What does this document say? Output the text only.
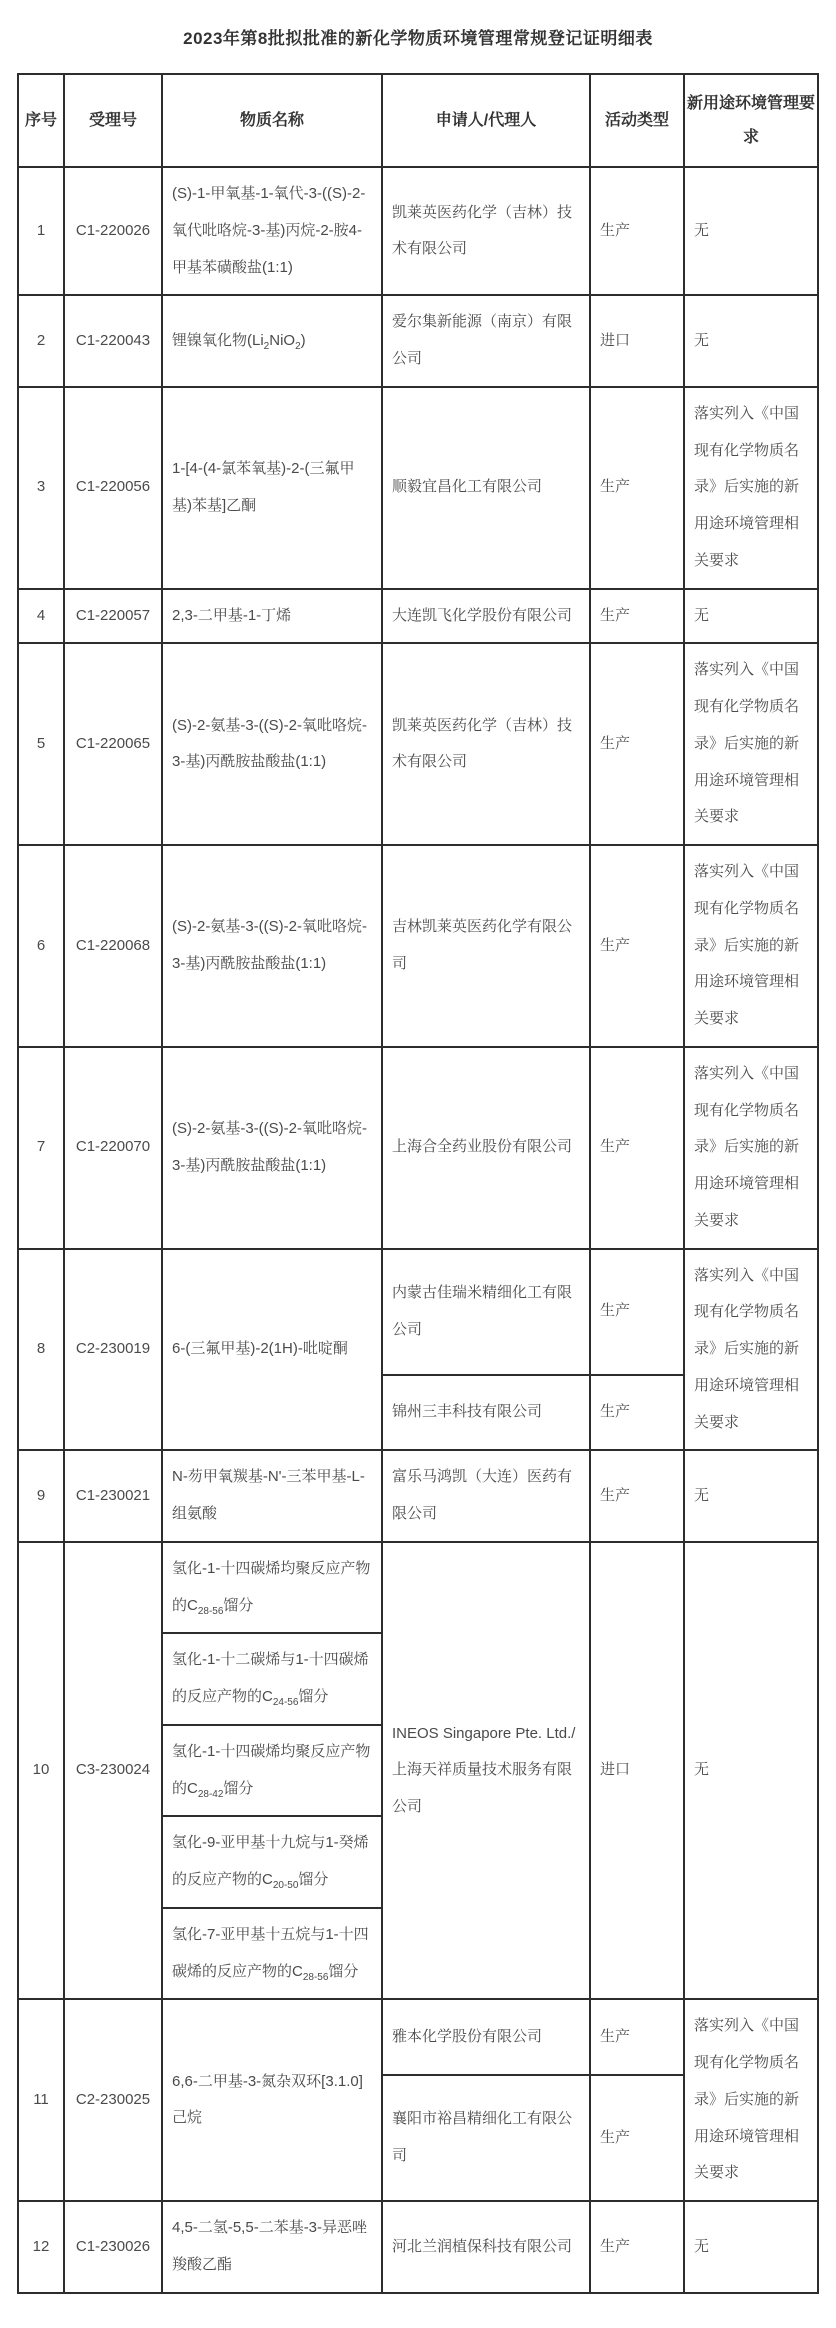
2023年第8批拟批准的新化学物质环境管理常规登记证明细表
序号	受理号	物质名称	申请人/代理人	活动类型	新用途环境管理要求
1	C1-220026	(S)-1-甲氧基-1-氧代-3-((S)-2-氧代吡咯烷-3-基)丙烷-2-胺4-甲基苯磺酸盐(1:1)	凯莱英医药化学（吉林）技术有限公司	生产	无
2	C1-220043	锂镍氧化物$(Li_2NiO_2)$	爱尔集新能源（南京）有限公司	进口	无
3	C1-220056	1-[4-(4-氯苯氧基)-2-(三氟甲基)苯基]乙酮	顺毅宜昌化工有限公司	生产	落实列入《中国现有化学物质名录》后实施的新用途环境管理相关要求
4	C1-220057	2,3-二甲基-1-丁烯	大连凯飞化学股份有限公司	生产	无
5	C1-220065	(S)-2-氨基-3-((S)-2-氧吡咯烷-3-基)丙酰胺盐酸盐(1:1)	凯莱英医药化学（吉林）技术有限公司	生产	落实列入《中国现有化学物质名录》后实施的新用途环境管理相关要求
6	C1-220068	(S)-2-氨基-3-((S)-2-氧吡咯烷-3-基)丙酰胺盐酸盐(1:1)	吉林凯莱英医药化学有限公司	生产	落实列入《中国现有化学物质名录》后实施的新用途环境管理相关要求
7	C1-220070	(S)-2-氨基-3-((S)-2-氧吡咯烷-3-基)丙酰胺盐酸盐(1:1)	上海合全药业股份有限公司	生产	落实列入《中国现有化学物质名录》后实施的新用途环境管理相关要求
8	C2-230019	6-(三氟甲基)-2(1H)-吡啶酮	内蒙古佳瑞米精细化工有限公司	生产	落实列入《中国现有化学物质名录》后实施的新用途环境管理相关要求
			锦州三丰科技有限公司	生产	
9	C1-230021	N-芴甲氧羰基-N'-三苯甲基-L-组氨酸	富乐马鸿凯（大连）医药有限公司	生产	无
10	C3-230024	氢化-1-十四碳烯均聚反应产物的$C_{28-56}$馏分	INEOS Singapore Pte. Ltd./上海天祥质量技术服务有限公司	进口	无
		氢化-1-十二碳烯与1-十四碳烯的反应产物的$C_{24-56}$馏分			
		氢化-1-十四碳烯均聚反应产物的$C_{28-42}$馏分			
		氢化-9-亚甲基十九烷与1-癸烯的反应产物的$C_{20-50}$馏分			
		氢化-7-亚甲基十五烷与1-十四碳烯的反应产物的$C_{28-56}$馏分			
11	C2-230025	6,6-二甲基-3-氮杂双环[3.1.0]己烷	雅本化学股份有限公司	生产	落实列入《中国现有化学物质名录》后实施的新用途环境管理相关要求
			襄阳市裕昌精细化工有限公司	生产	
12	C1-230026	4,5-二氢-5,5-二苯基-3-异恶唑羧酸乙酯	河北兰润植保科技有限公司	生产	无
